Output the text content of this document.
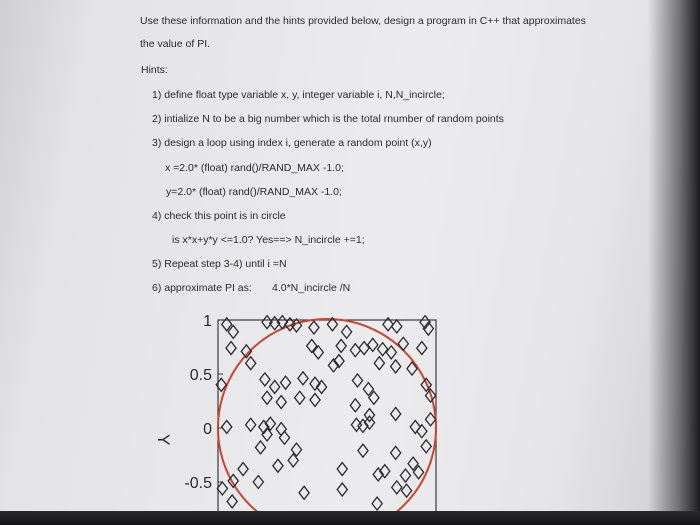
Use these information and the hints provided below, design a program in C++ that approximates
the value of PI.
Hints:
1) define float type variable x, y, integer variable i, N,N_incircle;
2) intialize N to be a big number which is the total rnumber of random points
3) design a loop using index i, generate a random point (x,y)
x =2.0* (float) rand()/RAND_MAX -1.0;
y=2.0* (float) rand()/RAND_MAX -1.0;
4) check this point is in circle
is x*x+y*y <=1.0? Yes==> N_incircle +=1;
5) Repeat step 3-4) until i =N
6) approximate PI as: 4.0*N_incircle /N
1
0.5
0
-0.5
Y
